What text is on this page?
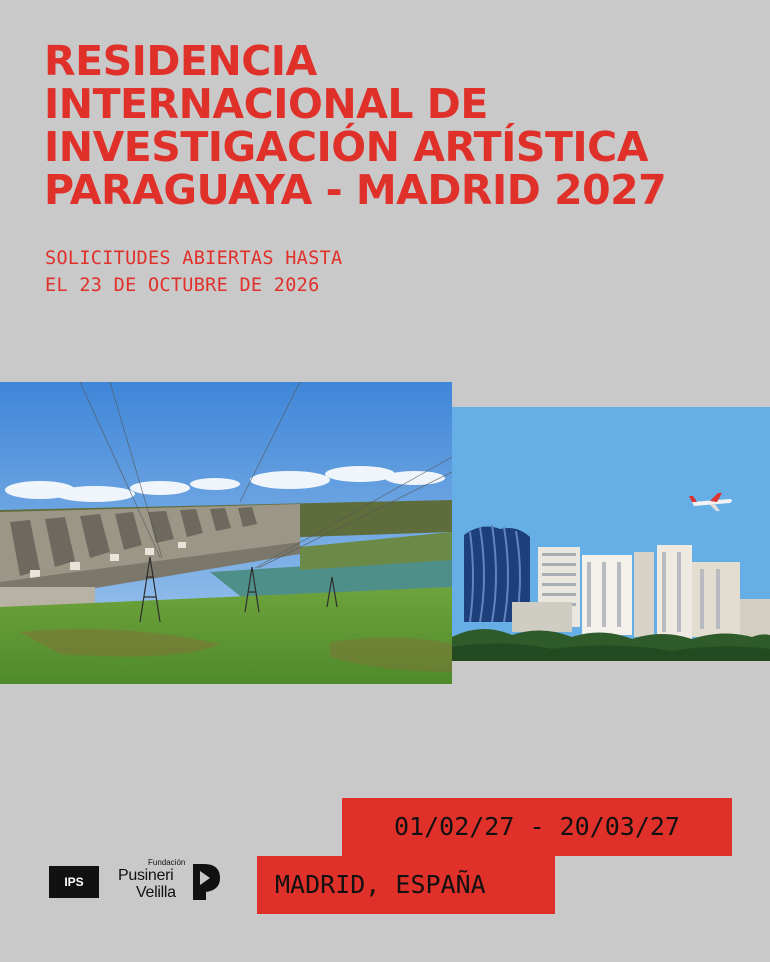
RESIDENCIA
INTERNACIONAL DE
INVESTIGACIÓN ARTÍSTICA
PARAGUAYA - MADRID 2027

SOLICITUDES ABIERTAS HASTA
EL 23 DE OCTUBRE DE 2026

01/02/27 - 20/03/27
MADRID, ESPAÑA
IPS
Fundación
Pusineri
Velilla
